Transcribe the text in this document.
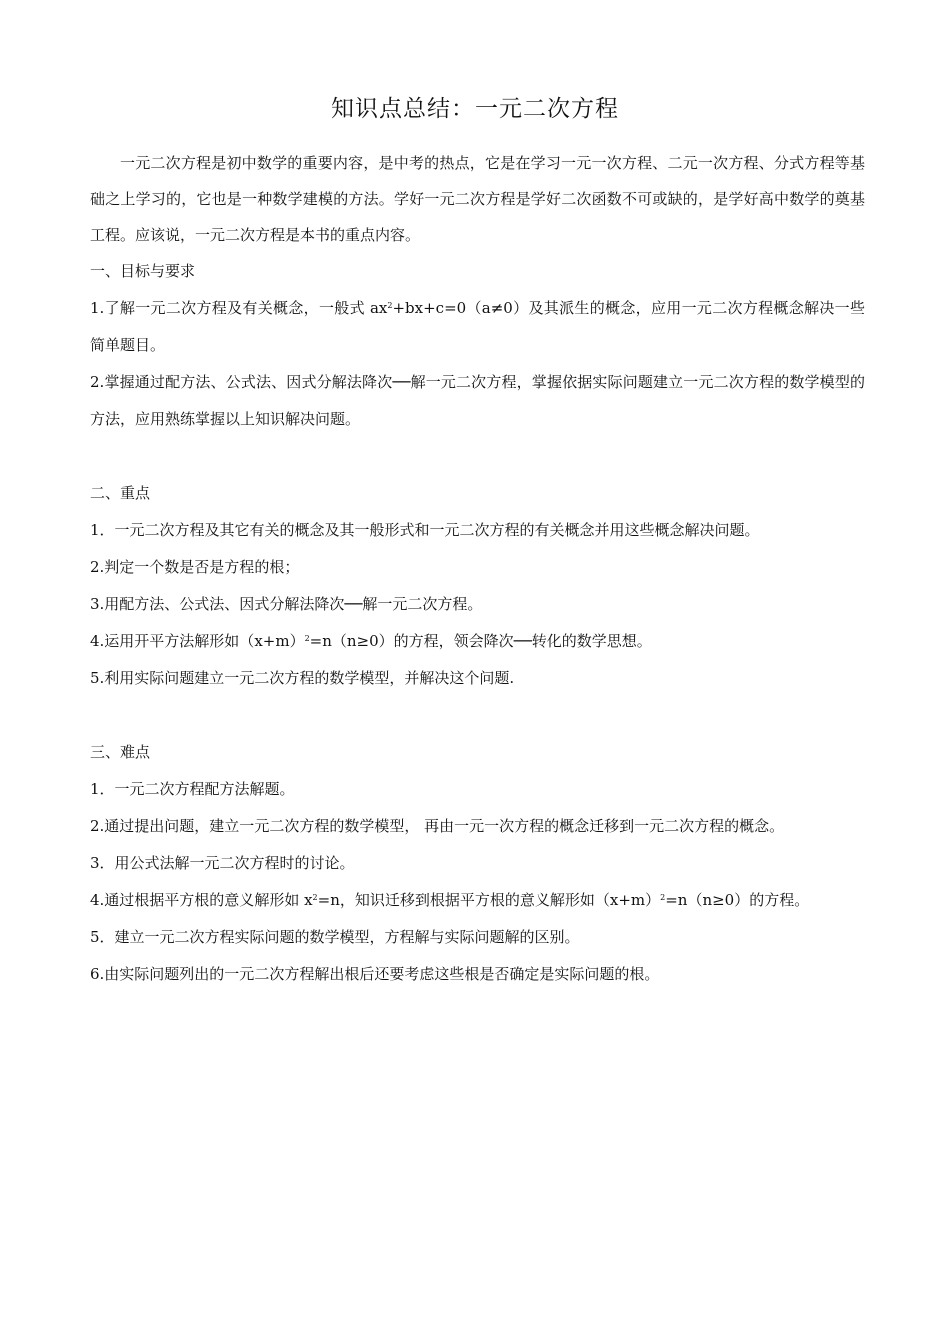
知识点总结：一元二次方程

一元二次方程是初中数学的重要内容，是中考的热点，它是在学习一元一次方程、二元一次方程、分式方程等基础之上学习的，它也是一种数学建模的方法。学好一元二次方程是学好二次函数不可或缺的，是学好高中数学的奠基工程。应该说，一元二次方程是本书的重点内容。

一、目标与要求

1.了解一元二次方程及有关概念，一般式 $ax^2+bx+c=0(a\ne 0)$及其派生的概念，应用一元二次方程概念解决一些简单题目。

2.掌握通过配方法、公式法、因式分解法降次──解一元二次方程，掌握依据实际问题建立一元二次方程的数学模型的方法，应用熟练掌握以上知识解决问题。

二、重点
1．一元二次方程及其它有关的概念及其一般形式和一元二次方程的有关概念并用这些概念解决问题。
2.判定一个数是否是方程的根；
3.用配方法、公式法、因式分解法降次──解一元二次方程。
4.运用开平方法解形如$(x+m)^2=n(n\ge 0)$的方程，领会降次──转化的数学思想。
5.利用实际问题建立一元二次方程的数学模型，并解决这个问题.
三、难点
1．一元二次方程配方法解题。
2.通过提出问题，建立一元二次方程的数学模型， 再由一元一次方程的概念迁移到一元二次方程的概念。
3．用公式法解一元二次方程时的讨论。
4.通过根据平方根的意义解形如 $x^2=n$，知识迁移到根据平方根的意义解形如$(x+m)^2=n(n\ge 0)$的方程。
5．建立一元二次方程实际问题的数学模型，方程解与实际问题解的区别。
6.由实际问题列出的一元二次方程解出根后还要考虑这些根是否确定是实际问题的根。
